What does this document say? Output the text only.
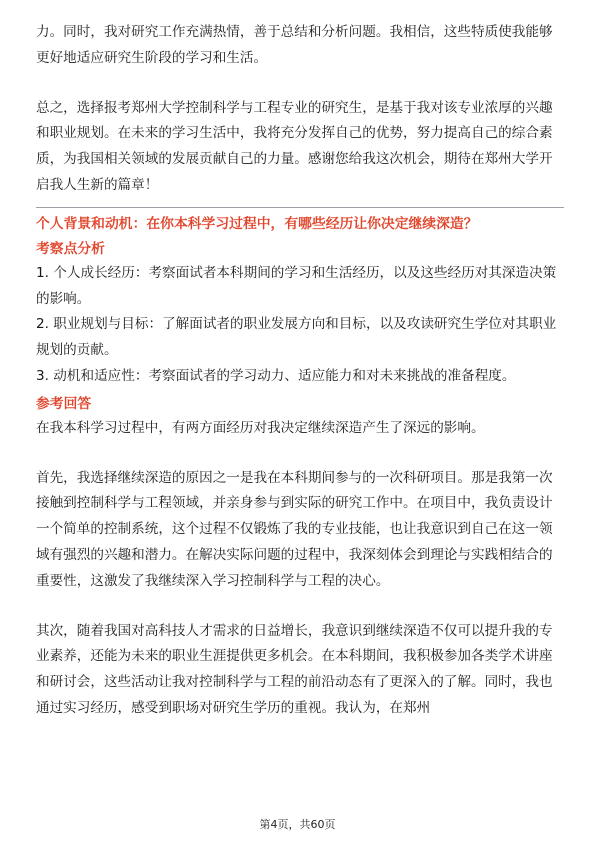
力。同时，我对研究工作充满热情，善于总结和分析问题。我相信，这些特质使我能够更好地适应研究生阶段的学习和生活。

总之，选择报考郑州大学控制科学与工程专业的研究生，是基于我对该专业浓厚的兴趣和职业规划。在未来的学习生活中，我将充分发挥自己的优势，努力提高自己的综合素质，为我国相关领域的发展贡献自己的力量。感谢您给我这次机会，期待在郑州大学开启我人生新的篇章！

个人背景和动机：在你本科学习过程中，有哪些经历让你决定继续深造？

考察点分析

1. 个人成长经历：考察面试者本科期间的学习和生活经历，以及这些经历对其深造决策的影响。

2. 职业规划与目标：了解面试者的职业发展方向和目标，以及攻读研究生学位对其职业规划的贡献。

3. 动机和适应性：考察面试者的学习动力、适应能力和对未来挑战的准备程度。

参考回答

在我本科学习过程中，有两方面经历对我决定继续深造产生了深远的影响。

首先，我选择继续深造的原因之一是我在本科期间参与的一次科研项目。那是我第一次接触到控制科学与工程领域，并亲身参与到实际的研究工作中。在项目中，我负责设计一个简单的控制系统，这个过程不仅锻炼了我的专业技能，也让我意识到自己在这一领域有强烈的兴趣和潜力。在解决实际问题的过程中，我深刻体会到理论与实践相结合的重要性，这激发了我继续深入学习控制科学与工程的决心。

其次，随着我国对高科技人才需求的日益增长，我意识到继续深造不仅可以提升我的专业素养，还能为未来的职业生涯提供更多机会。在本科期间，我积极参加各类学术讲座和研讨会，这些活动让我对控制科学与工程的前沿动态有了更深入的了解。同时，我也通过实习经历，感受到职场对研究生学历的重视。我认为，在郑州

第4页，共60页
